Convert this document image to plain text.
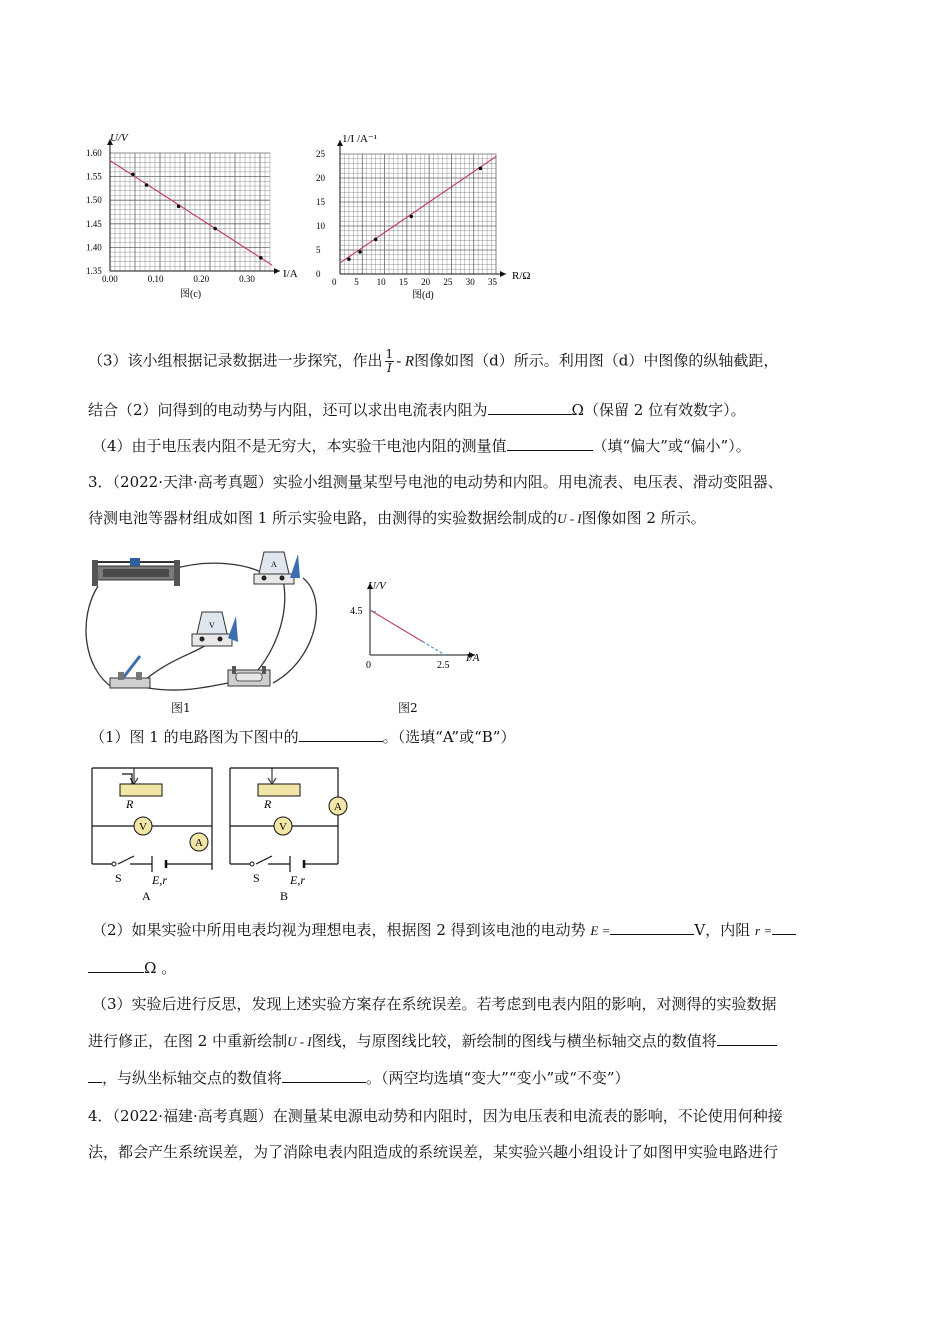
0.00	0.10	0.20	0.30
1.35
1.40
1.45
1.50
1.55
1.60
U/V
I/A
图(c)
0 5 10 15 20 25 30 35
0
5
10
15
20
25
1/I /A⁻¹
R/Ω
图(d)
（3）该小组根据记录数据进一步探究，作出 $\frac{1}{I}$ - R图像如图（d）所示。利用图（d）中图像的纵轴截距，
结合（2）问得到的电动势与内阻，还可以求出电流表内阻为	Ω（保留 2 位有效数字）。
（4）由于电压表内阻不是无穷大，本实验干电池内阻的测量值	（填“偏大”或“偏小”）。
3．（2022·天津·高考真题）实验小组测量某型号电池的电动势和内阻。用电流表、电压表、滑动变阻器、
待测电池等器材组成如图 1 所示实验电路，由测得的实验数据绘制成的U - I图像如图 2 所示。
A
V
图1
4.5
0	2.5
U/V
I/A
图2
（1）图 1 的电路图为下图中的	。（选填“A”或“B”）
R
V
A
S	E,r
A
R
V
A
S	E,r
B
（2）如果实验中所用电表均视为理想电表，根据图 2 得到该电池的电动势 E =	V，内阻 r =
Ω 。
（3）实验后进行反思，发现上述实验方案存在系统误差。若考虑到电表内阻的影响，对测得的实验数据
进行修正，在图 2 中重新绘制U - I图线，与原图线比较，新绘制的图线与横坐标轴交点的数值将
，与纵坐标轴交点的数值将	。（两空均选填“变大”“变小”或“不变”）
4．（2022·福建·高考真题）在测量某电源电动势和内阻时，因为电压表和电流表的影响，不论使用何种接
法，都会产生系统误差，为了消除电表内阻造成的系统误差，某实验兴趣小组设计了如图甲实验电路进行
